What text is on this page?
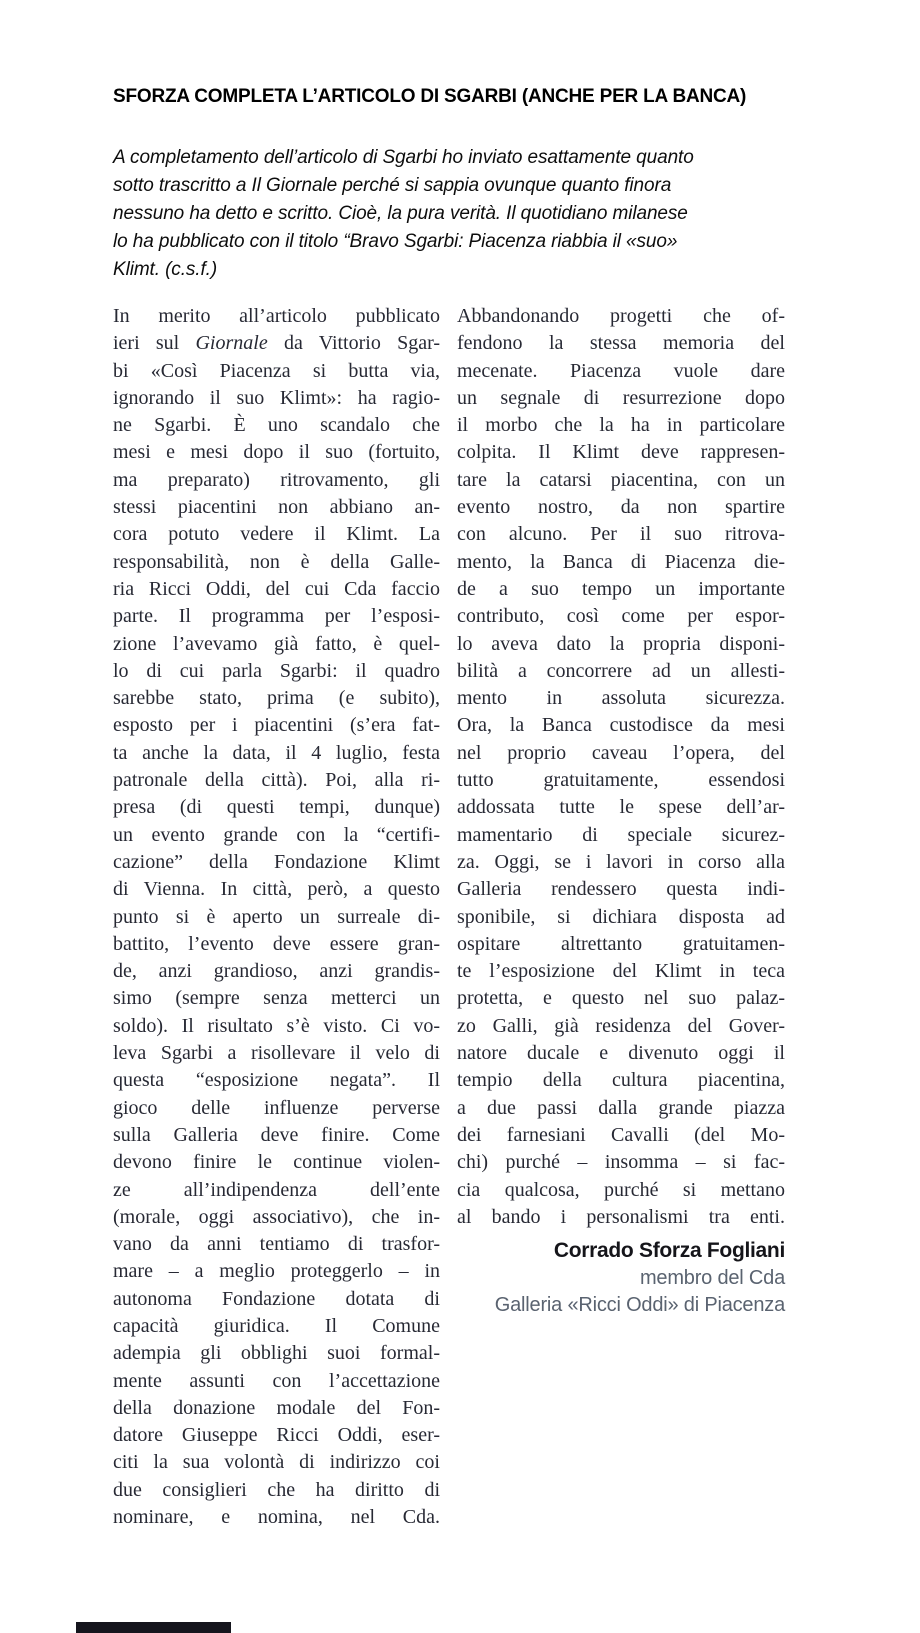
SFORZA COMPLETA L’ARTICOLO DI SGARBI (ANCHE PER LA BANCA)
A completamento dell’articolo di Sgarbi ho inviato esattamente quanto
sotto trascritto a Il Giornale perché si sappia ovunque quanto finora
nessuno ha detto e scritto. Cioè, la pura verità. Il quotidiano milanese
lo ha pubblicato con il titolo “Bravo Sgarbi: Piacenza riabbia il «suo»
Klimt. (c.s.f.)
In merito all’articolo pubblicato
ieri sul Giornale da Vittorio Sgar-
bi «Così Piacenza si butta via,
ignorando il suo Klimt»: ha ragio-
ne Sgarbi. È uno scandalo che
mesi e mesi dopo il suo (fortuito,
ma preparato) ritrovamento, gli
stessi piacentini non abbiano an-
cora potuto vedere il Klimt. La
responsabilità, non è della Galle-
ria Ricci Oddi, del cui Cda faccio
parte. Il programma per l’esposi-
zione l’avevamo già fatto, è quel-
lo di cui parla Sgarbi: il quadro
sarebbe stato, prima (e subito),
esposto per i piacentini (s’era fat-
ta anche la data, il 4 luglio, festa
patronale della città). Poi, alla ri-
presa (di questi tempi, dunque)
un evento grande con la “certifi-
cazione” della Fondazione Klimt
di Vienna. In città, però, a questo
punto si è aperto un surreale di-
battito, l’evento deve essere gran-
de, anzi grandioso, anzi grandis-
simo (sempre senza metterci un
soldo). Il risultato s’è visto. Ci vo-
leva Sgarbi a risollevare il velo di
questa “esposizione negata”. Il
gioco delle influenze perverse
sulla Galleria deve finire. Come
devono finire le continue violen-
ze all’indipendenza dell’ente
(morale, oggi associativo), che in-
vano da anni tentiamo di trasfor-
mare – a meglio proteggerlo – in
autonoma Fondazione dotata di
capacità giuridica. Il Comune
adempia gli obblighi suoi formal-
mente assunti con l’accettazione
della donazione modale del Fon-
datore Giuseppe Ricci Oddi, eser-
citi la sua volontà di indirizzo coi
due consiglieri che ha diritto di
nominare, e nomina, nel Cda.
Abbandonando progetti che of-
fendono la stessa memoria del
mecenate. Piacenza vuole dare
un segnale di resurrezione dopo
il morbo che la ha in particolare
colpita. Il Klimt deve rappresen-
tare la catarsi piacentina, con un
evento nostro, da non spartire
con alcuno. Per il suo ritrova-
mento, la Banca di Piacenza die-
de a suo tempo un importante
contributo, così come per espor-
lo aveva dato la propria disponi-
bilità a concorrere ad un allesti-
mento in assoluta sicurezza.
Ora, la Banca custodisce da mesi
nel proprio caveau l’opera, del
tutto gratuitamente, essendosi
addossata tutte le spese dell’ar-
mamentario di speciale sicurez-
za. Oggi, se i lavori in corso alla
Galleria rendessero questa indi-
sponibile, si dichiara disposta ad
ospitare altrettanto gratuitamen-
te l’esposizione del Klimt in teca
protetta, e questo nel suo palaz-
zo Galli, già residenza del Gover-
natore ducale e divenuto oggi il
tempio della cultura piacentina,
a due passi dalla grande piazza
dei farnesiani Cavalli (del Mo-
chi) purché – insomma – si fac-
cia qualcosa, purché si mettano
al bando i personalismi tra enti.
Corrado Sforza Fogliani
membro del Cda
Galleria «Ricci Oddi» di Piacenza
